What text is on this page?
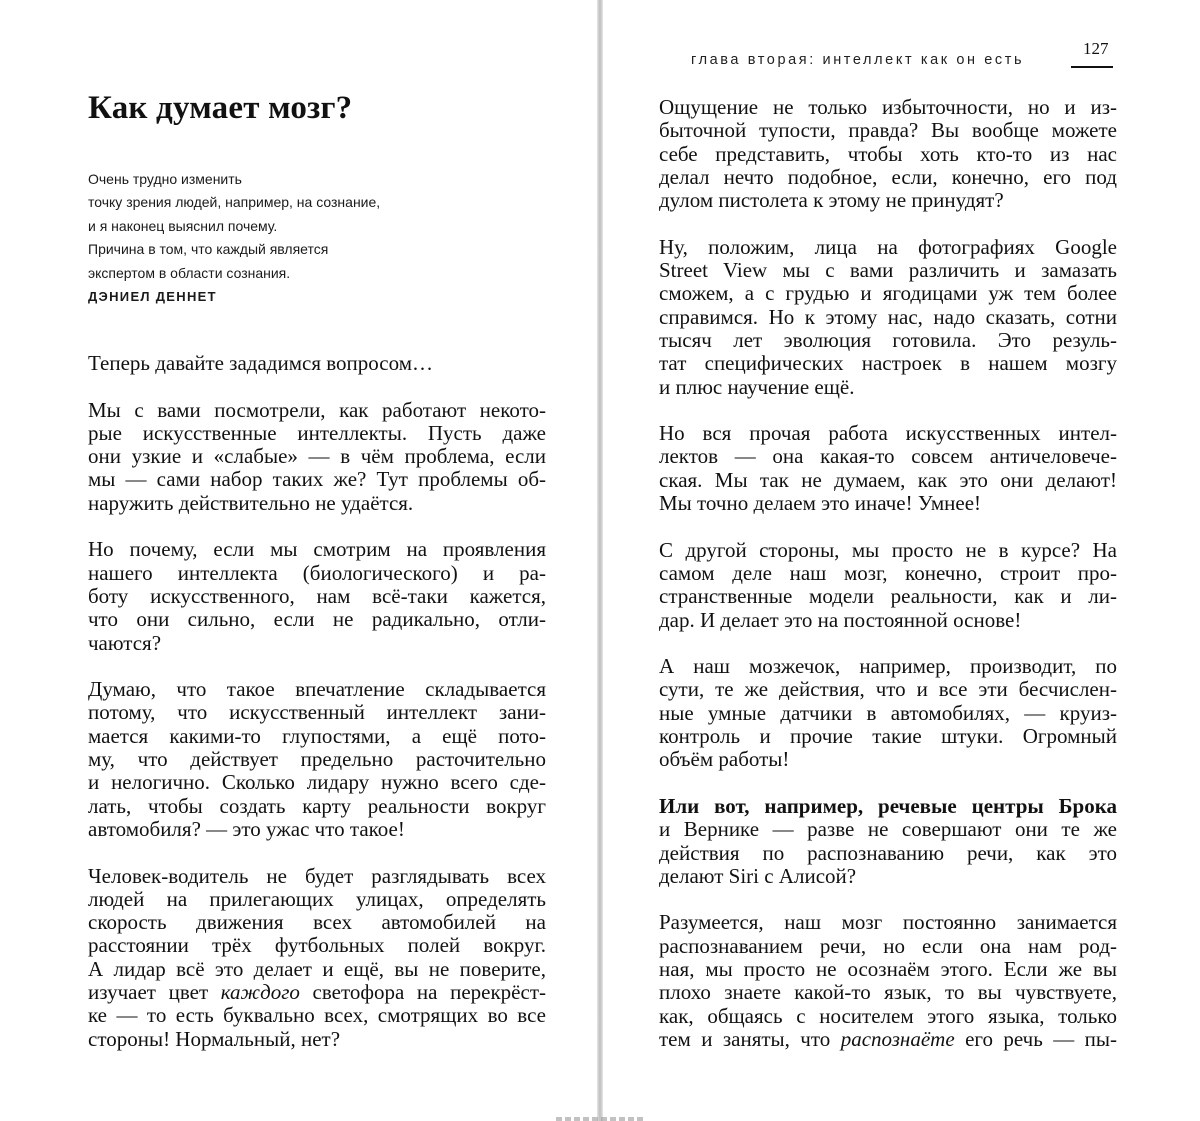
Как думает мозг?
Очень трудно изменить
точку зрения людей, например, на сознание,
и я наконец выяснил почему.
Причина в том, что каждый является
экспертом в области сознания.
ДЭНИЕЛ ДЕННЕТ

Теперь давайте зададимся вопросом…

Мы с вами посмотрели, как работают некото-
рые искусственные интеллекты. Пусть даже
они узкие и «слабые» — в чём проблема, если
мы — сами набор таких же? Тут проблемы об-
наружить действительно не удаётся.

Но почему, если мы смотрим на проявления
нашего интеллекта (биологического) и ра-
боту искусственного, нам всё-таки кажется,
что они сильно, если не радикально, отли-
чаются?

Думаю, что такое впечатление складывается
потому, что искусственный интеллект зани-
мается какими-то глупостями, а ещё пото-
му, что действует предельно расточительно
и нелогично. Сколько лидару нужно всего сде-
лать, чтобы создать карту реальности вокруг
автомобиля? — это ужас что такое!

Человек-водитель не будет разглядывать всех
людей на прилегающих улицах, определять
скорость движения всех автомобилей на
расстоянии трёх футбольных полей вокруг.
А лидар всё это делает и ещё, вы не поверите,
изучает цвет каждого светофора на перекрёст-
ке — то есть буквально всех, смотрящих во все
стороны! Нормальный, нет?

глава вторая: интеллект как он есть
127

Ощущение не только избыточности, но и из-
быточной тупости, правда? Вы вообще можете
себе представить, чтобы хоть кто-то из нас
делал нечто подобное, если, конечно, его под
дулом пистолета к этому не принудят?

Ну, положим, лица на фотографиях Google
Street View мы с вами различить и замазать
сможем, а с грудью и ягодицами уж тем более
справимся. Но к этому нас, надо сказать, сотни
тысяч лет эволюция готовила. Это резуль-
тат специфических настроек в нашем мозгу
и плюс научение ещё.

Но вся прочая работа искусственных интел-
лектов — она какая-то совсем античеловече-
ская. Мы так не думаем, как это они делают!
Мы точно делаем это иначе! Умнее!

С другой стороны, мы просто не в курсе? На
самом деле наш мозг, конечно, строит про-
странственные модели реальности, как и ли-
дар. И делает это на постоянной основе!

А наш мозжечок, например, производит, по
сути, те же действия, что и все эти бесчислен-
ные умные датчики в автомобилях, — круиз-
контроль и прочие такие штуки. Огромный
объём работы!

Или вот, например, речевые центры Брока
и Вернике — разве не совершают они те же
действия по распознаванию речи, как это
делают Siri с Алисой?

Разумеется, наш мозг постоянно занимается
распознаванием речи, но если она нам род-
ная, мы просто не осознаём этого. Если же вы
плохо знаете какой-то язык, то вы чувствуете,
как, общаясь с носителем этого языка, только
тем и заняты, что распознаёте его речь — пы-
